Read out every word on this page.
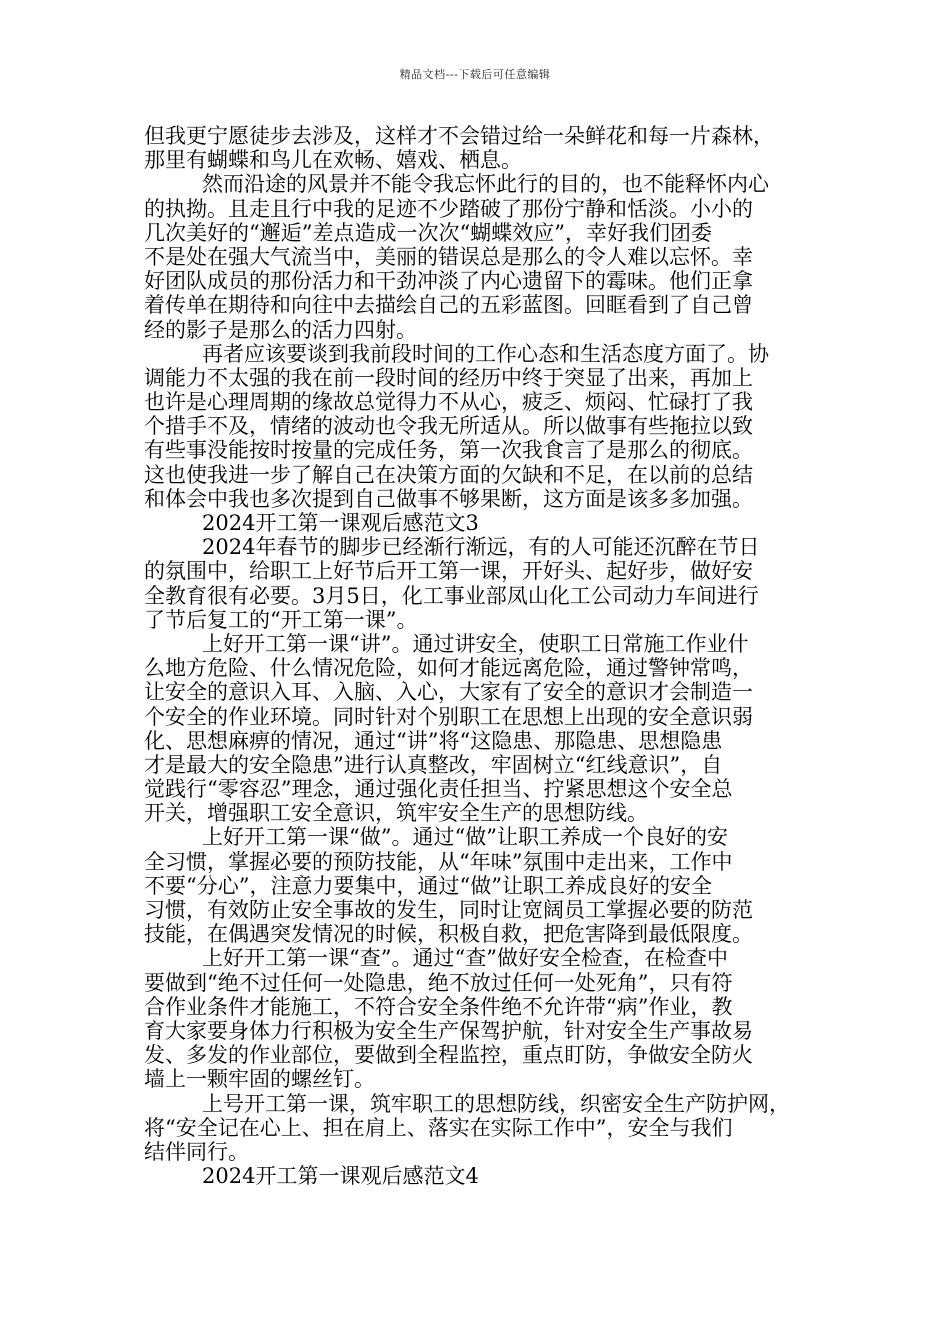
精品文档---下载后可任意编辑
但我更宁愿徒步去涉及，这样才不会错过给一朵鲜花和每一片森林，
那里有蝴蝶和鸟儿在欢畅、嬉戏、栖息。
然而沿途的风景并不能令我忘怀此行的目的，也不能释怀内心
的执拗。且走且行中我的足迹不少踏破了那份宁静和恬淡。小小的
几次美好的“邂逅”差点造成一次次“蝴蝶效应”，幸好我们团委
不是处在强大气流当中，美丽的错误总是那么的令人难以忘怀。幸
好团队成员的那份活力和干劲冲淡了内心遗留下的霉味。他们正拿
着传单在期待和向往中去描绘自己的五彩蓝图。回眶看到了自己曾
经的影子是那么的活力四射。
再者应该要谈到我前段时间的工作心态和生活态度方面了。协
调能力不太强的我在前一段时间的经历中终于突显了出来，再加上
也许是心理周期的缘故总觉得力不从心，疲乏、烦闷、忙碌打了我
个措手不及，情绪的波动也令我无所适从。所以做事有些拖拉以致
有些事没能按时按量的完成任务，第一次我食言了是那么的彻底。
这也使我进一步了解自己在决策方面的欠缺和不足，在以前的总结
和体会中我也多次提到自己做事不够果断，这方面是该多多加强。
2024开工第一课观后感范文3
2024年春节的脚步已经渐行渐远，有的人可能还沉醉在节日
的氛围中，给职工上好节后开工第一课，开好头、起好步，做好安
全教育很有必要。3月5日，化工事业部凤山化工公司动力车间进行
了节后复工的“开工第一课”。
上好开工第一课“讲”。通过讲安全，使职工日常施工作业什
么地方危险、什么情况危险，如何才能远离危险，通过警钟常鸣，
让安全的意识入耳、入脑、入心，大家有了安全的意识才会制造一
个安全的作业环境。同时针对个别职工在思想上出现的安全意识弱
化、思想麻痹的情况，通过“讲”将“这隐患、那隐患、思想隐患
才是最大的安全隐患”进行认真整改，牢固树立“红线意识”，自
觉践行“零容忍”理念，通过强化责任担当、拧紧思想这个安全总
开关，增强职工安全意识，筑牢安全生产的思想防线。
上好开工第一课“做”。通过“做”让职工养成一个良好的安
全习惯，掌握必要的预防技能，从“年味”氛围中走出来，工作中
不要“分心”，注意力要集中，通过“做”让职工养成良好的安全
习惯，有效防止安全事故的发生，同时让宽阔员工掌握必要的防范
技能，在偶遇突发情况的时候，积极自救，把危害降到最低限度。
上好开工第一课“查”。通过“查”做好安全检查，在检查中
要做到“绝不过任何一处隐患，绝不放过任何一处死角”，只有符
合作业条件才能施工，不符合安全条件绝不允许带“病”作业，教
育大家要身体力行积极为安全生产保驾护航，针对安全生产事故易
发、多发的作业部位，要做到全程监控，重点盯防，争做安全防火
墙上一颗牢固的螺丝钉。
上号开工第一课，筑牢职工的思想防线，织密安全生产防护网，
将“安全记在心上、担在肩上、落实在实际工作中”，安全与我们
结伴同行。
2024开工第一课观后感范文4
